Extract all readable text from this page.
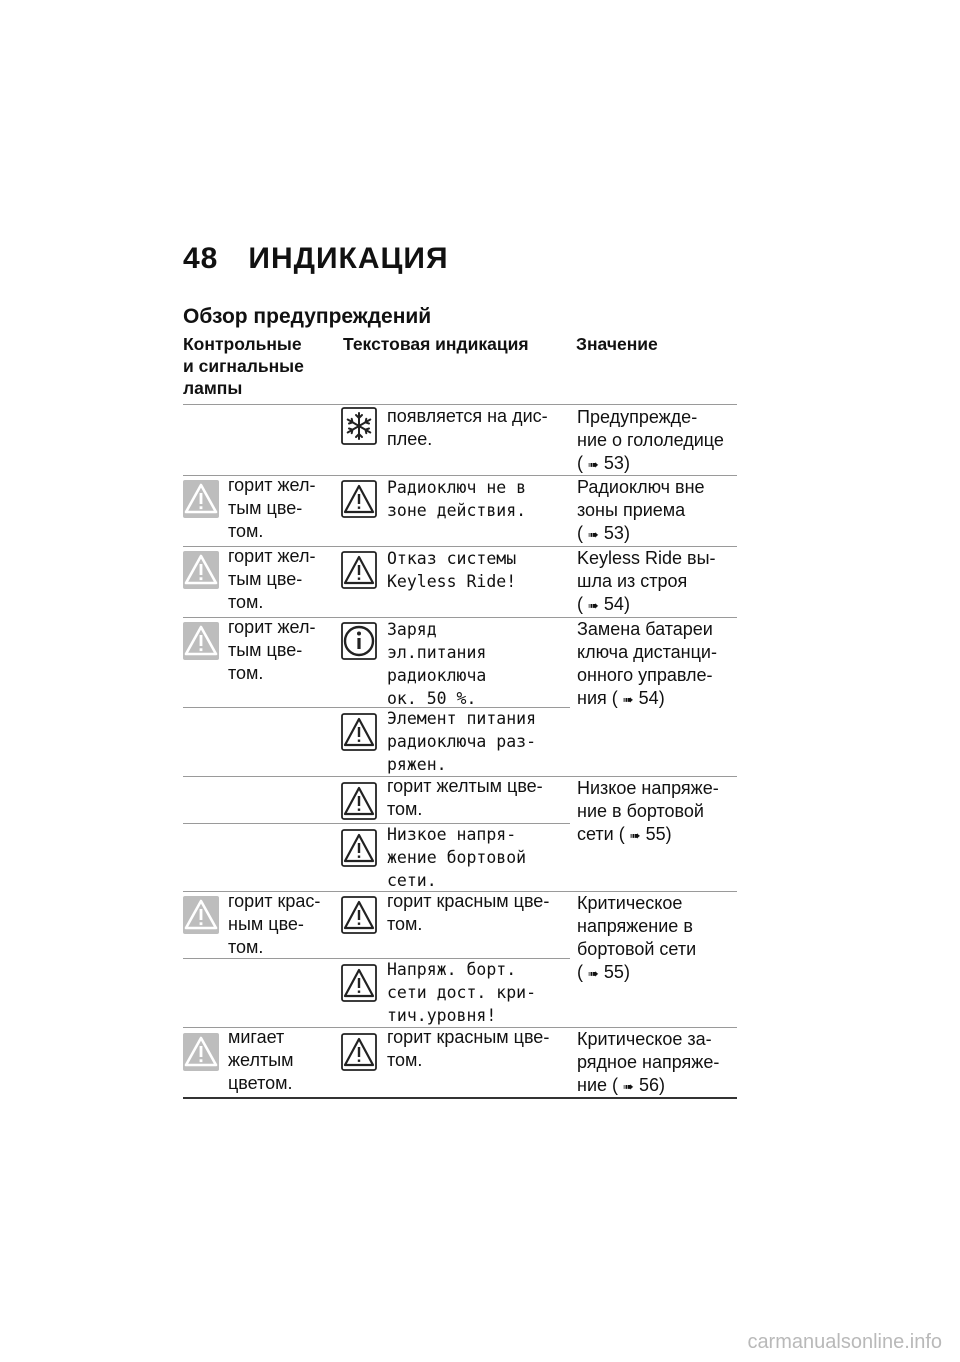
48 ИНДИКАЦИЯ
Обзор предупреждений
Контрольные
и сигнальные
лампы
Текстовая индикация	Значение
появляется на дис-
плее.
Предупрежде-
ние о гололедице
( ➠ 53)
горит жел-
тым цве-
том.
Радиоключ не в
зоне действия.
Радиоключ вне
зоны приема
( ➠ 53)
горит жел-
тым цве-
том.
Отказ системы
Keyless Ride!
Keyless Ride вы-
шла из строя
( ➠ 54)
горит жел-
тым цве-
том.
Заряд
эл.питания
радиоключа
ок. 50 %.
Замена батареи
ключа дистанци-
онного управле-
ния ( ➠ 54)
Элемент питания
радиоключа раз-
ряжен.
горит желтым цве-
том.
Низкое напряже-
ние в бортовой
сети ( ➠ 55)
Низкое напря-
жение бортовой
сети.
горит крас-
ным цве-
том.
горит красным цве-
том.
Критическое
напряжение в
бортовой сети
( ➠ 55)
Напряж. борт.
сети дост. кри-
тич.уровня!
мигает
желтым
цветом.
горит красным цве-
том.
Критическое за-
рядное напряже-
ние ( ➠ 56)
carmanualsonline.info
